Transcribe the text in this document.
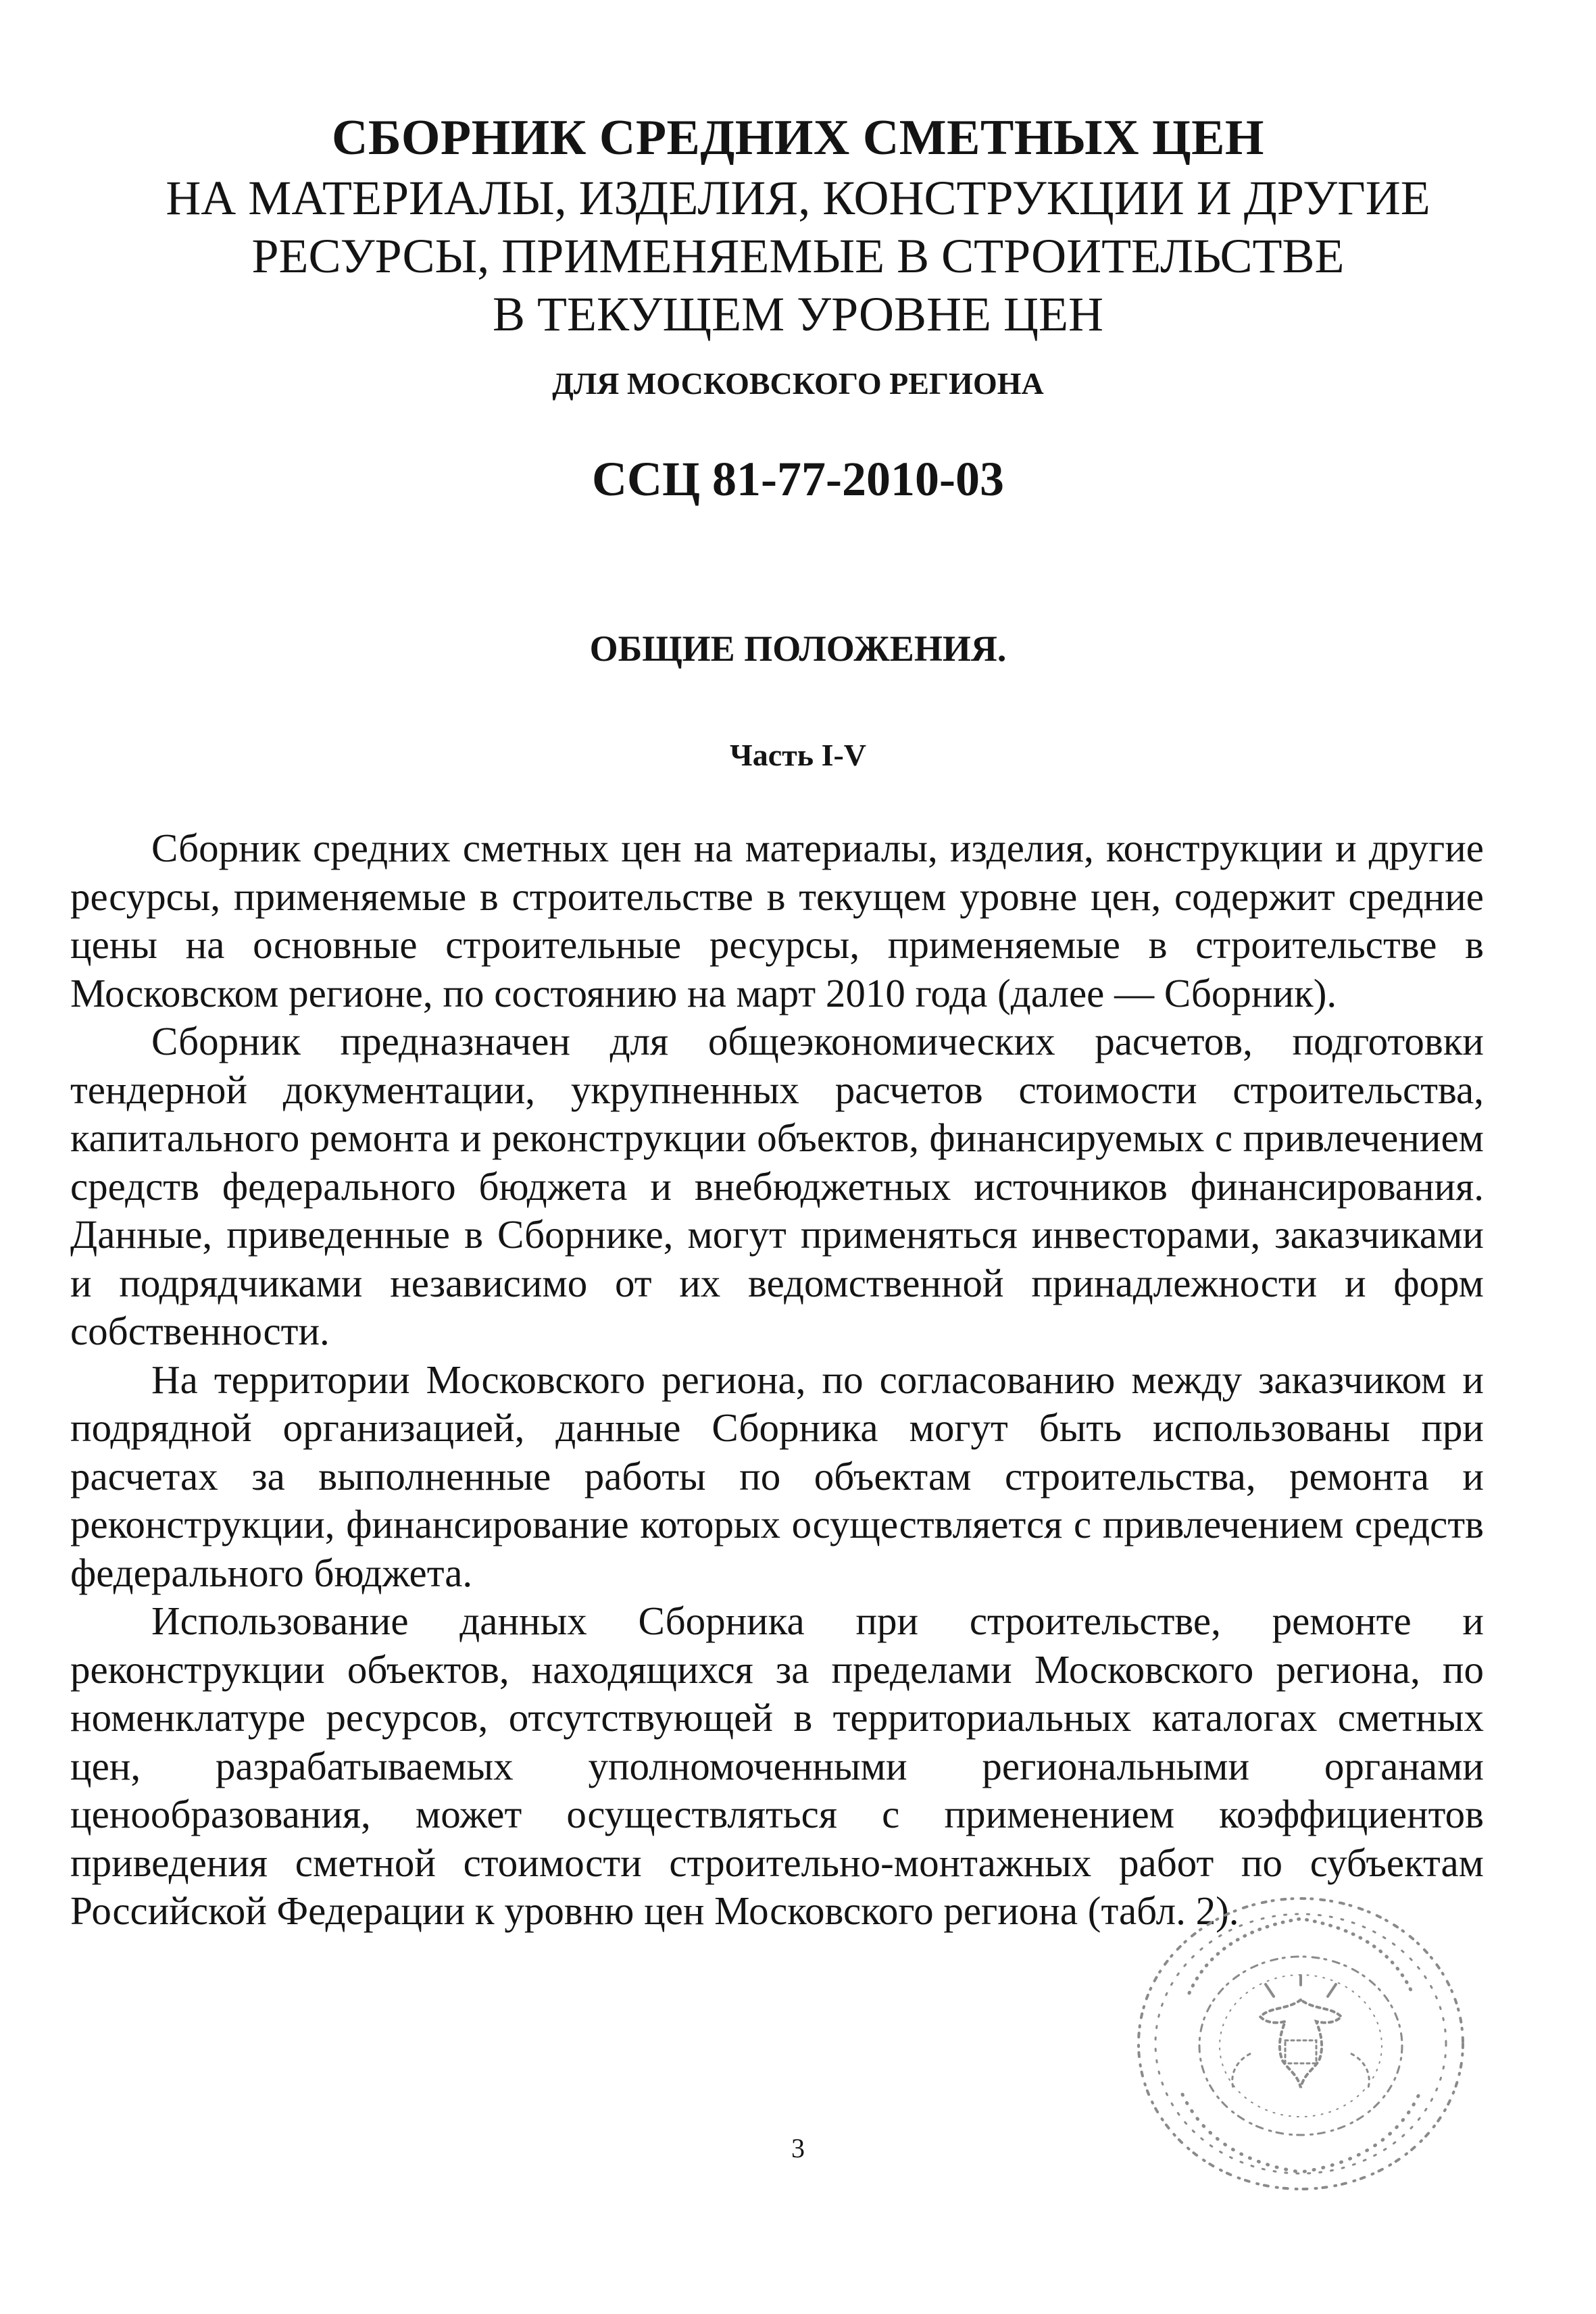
СБОРНИК СРЕДНИХ СМЕТНЫХ ЦЕН
НА МАТЕРИАЛЫ, ИЗДЕЛИЯ, КОНСТРУКЦИИ И ДРУГИЕ
РЕСУРСЫ, ПРИМЕНЯЕМЫЕ В СТРОИТЕЛЬСТВЕ
В ТЕКУЩЕМ УРОВНЕ ЦЕН
ДЛЯ МОСКОВСКОГО РЕГИОНА
ССЦ 81-77-2010-03
ОБЩИЕ ПОЛОЖЕНИЯ.
Часть I-V

Сборник средних сметных цен на материалы, изделия, конструкции и другие ресурсы, применяемые в строительстве в текущем уровне цен, содержит средние цены на основные строительные ресурсы, применяемые в строительстве в Московском регионе, по состоянию на март 2010 года (далее — Сборник).

Сборник предназначен для общеэкономических расчетов, подготовки тендерной документации, укрупненных расчетов стоимости строительства, капитального ремонта и реконструкции объектов, финансируемых с привлечением средств федерального бюджета и внебюджетных источников финансирования. Данные, приведенные в Сборнике, могут применяться инвесторами, заказчиками и подрядчиками независимо от их ведомственной принадлежности и форм собственности.

На территории Московского региона, по согласованию между заказчиком и подрядной организацией, данные Сборника могут быть использованы при расчетах за выполненные работы по объектам строительства, ремонта и реконструкции, финансирование которых осуществляется с привлечением средств федерального бюджета.

Использование данных Сборника при строительстве, ремонте и реконструкции объектов, находящихся за пределами Московского региона, по номенклатуре ресурсов, отсутствующей в территориальных каталогах сметных цен, разрабатываемых уполномоченными региональными органами ценообразования, может осуществляться с применением коэффициентов приведения сметной стоимости строительно-монтажных работ по субъектам Российской Федерации к уровню цен Московского региона (табл. 2).

3
